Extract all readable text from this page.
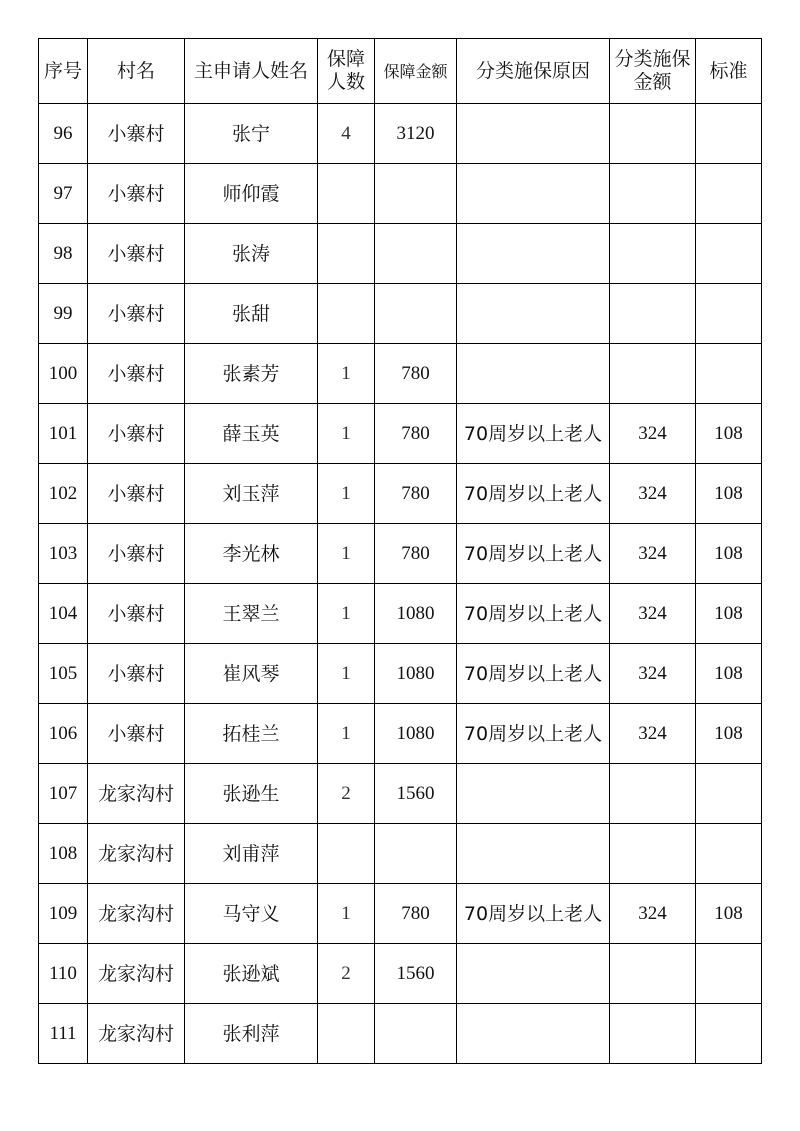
序号	村名	主申请人姓名	保障人数	保障金额	分类施保原因	分类施保金额	标准
96	小寨村	张宁	4	3120			
97	小寨村	师仰霞					
98	小寨村	张涛					
99	小寨村	张甜					
100	小寨村	张素芳	1	780			
101	小寨村	薛玉英	1	780	70周岁以上老人	324	108
102	小寨村	刘玉萍	1	780	70周岁以上老人	324	108
103	小寨村	李光林	1	780	70周岁以上老人	324	108
104	小寨村	王翠兰	1	1080	70周岁以上老人	324	108
105	小寨村	崔风琴	1	1080	70周岁以上老人	324	108
106	小寨村	拓桂兰	1	1080	70周岁以上老人	324	108
107	龙家沟村	张逊生	2	1560			
108	龙家沟村	刘甫萍					
109	龙家沟村	马守义	1	780	70周岁以上老人	324	108
110	龙家沟村	张逊斌	2	1560			
111	龙家沟村	张利萍					
